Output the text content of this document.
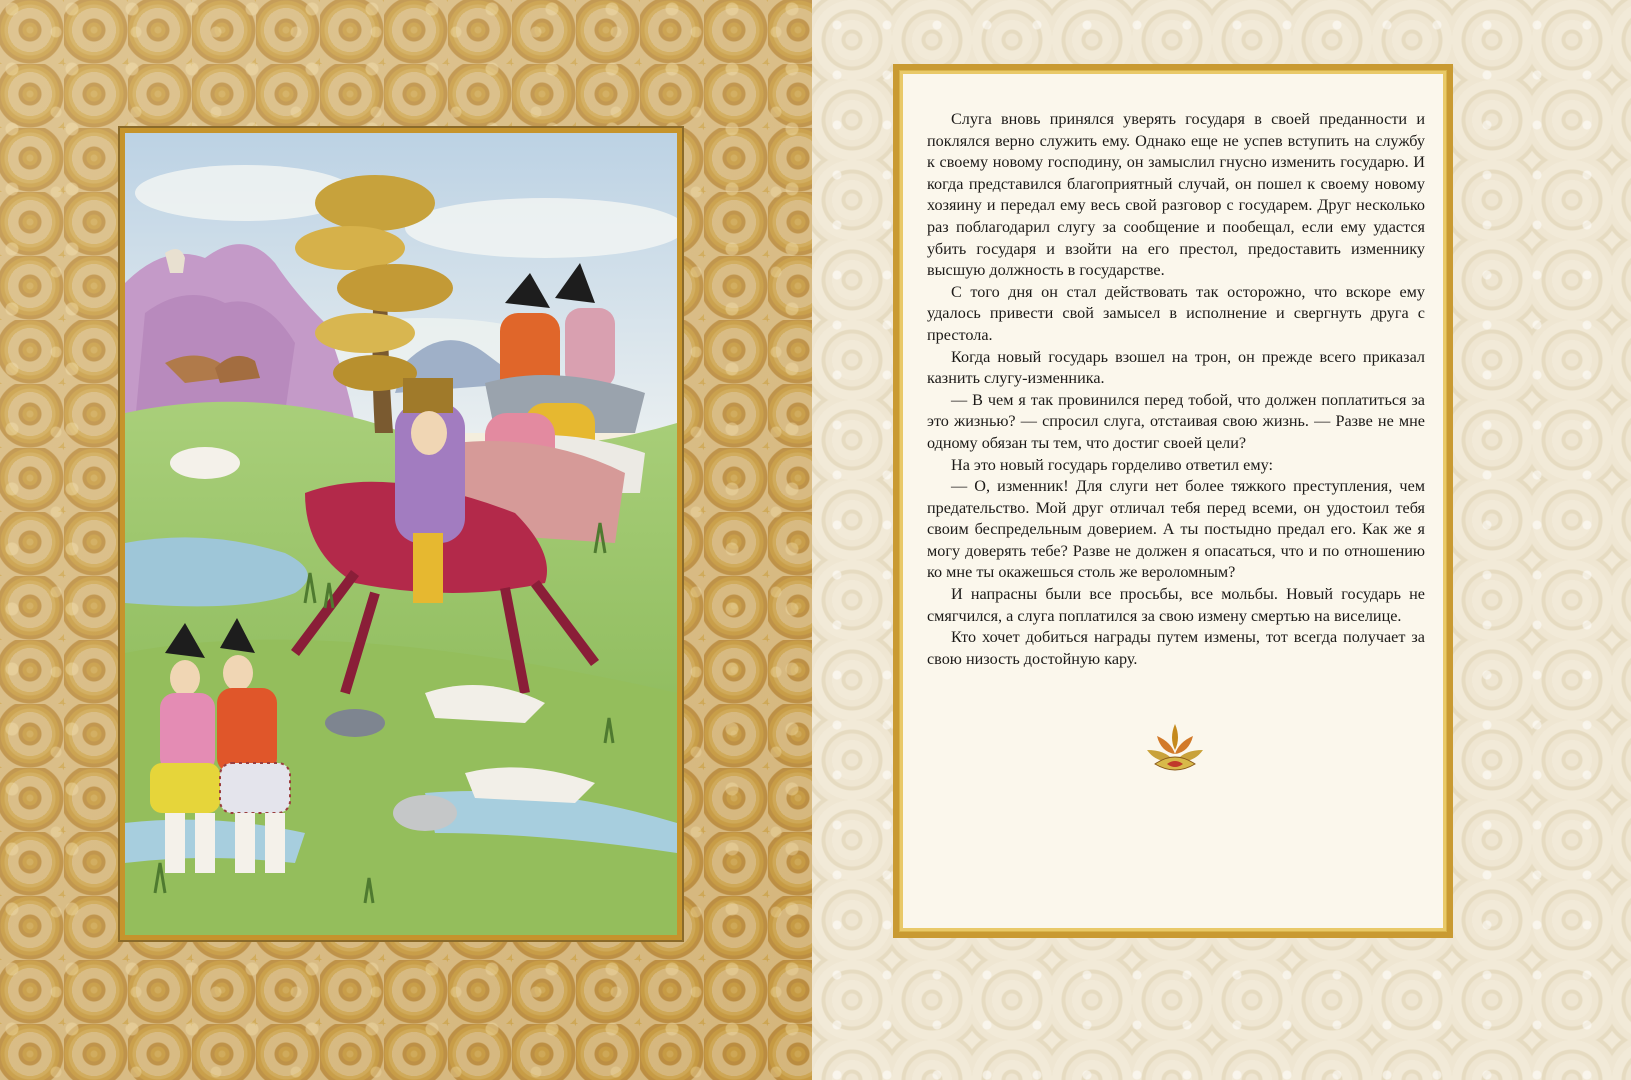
Слуга вновь принялся уверять государя в своей преданности и поклялся верно служить ему. Однако еще не успев вступить на службу к своему новому господину, он замыслил гнусно изменить государю. И когда представился благоприятный случай, он пошел к своему новому хозяину и передал ему весь свой разговор с государем. Друг несколько раз поблагодарил слугу за сообщение и пообещал, если ему удастся убить государя и взойти на его престол, предоставить изменнику высшую должность в государстве.

С того дня он стал действовать так осторожно, что вскоре ему удалось привести свой замысел в исполнение и свергнуть друга с престола.

Когда новый государь взошел на трон, он прежде всего приказал казнить слугу-изменника.

— В чем я так провинился перед тобой, что должен поплатиться за это жизнью? — спросил слуга, отстаивая свою жизнь. — Разве не мне одному обязан ты тем, что достиг своей цели?

На это новый государь горделиво ответил ему:

— О, изменник! Для слуги нет более тяжкого преступления, чем предательство. Мой друг отличал тебя перед всеми, он удостоил тебя своим беспредельным доверием. А ты постыдно предал его. Как же я могу доверять тебе? Разве не должен я опасаться, что и по отношению ко мне ты окажешься столь же вероломным?

И напрасны были все просьбы, все мольбы. Новый государь не смягчился, а слуга поплатился за свою измену смертью на виселице.

Кто хочет добиться награды путем измены, тот всегда получает за свою низость достойную кару.
